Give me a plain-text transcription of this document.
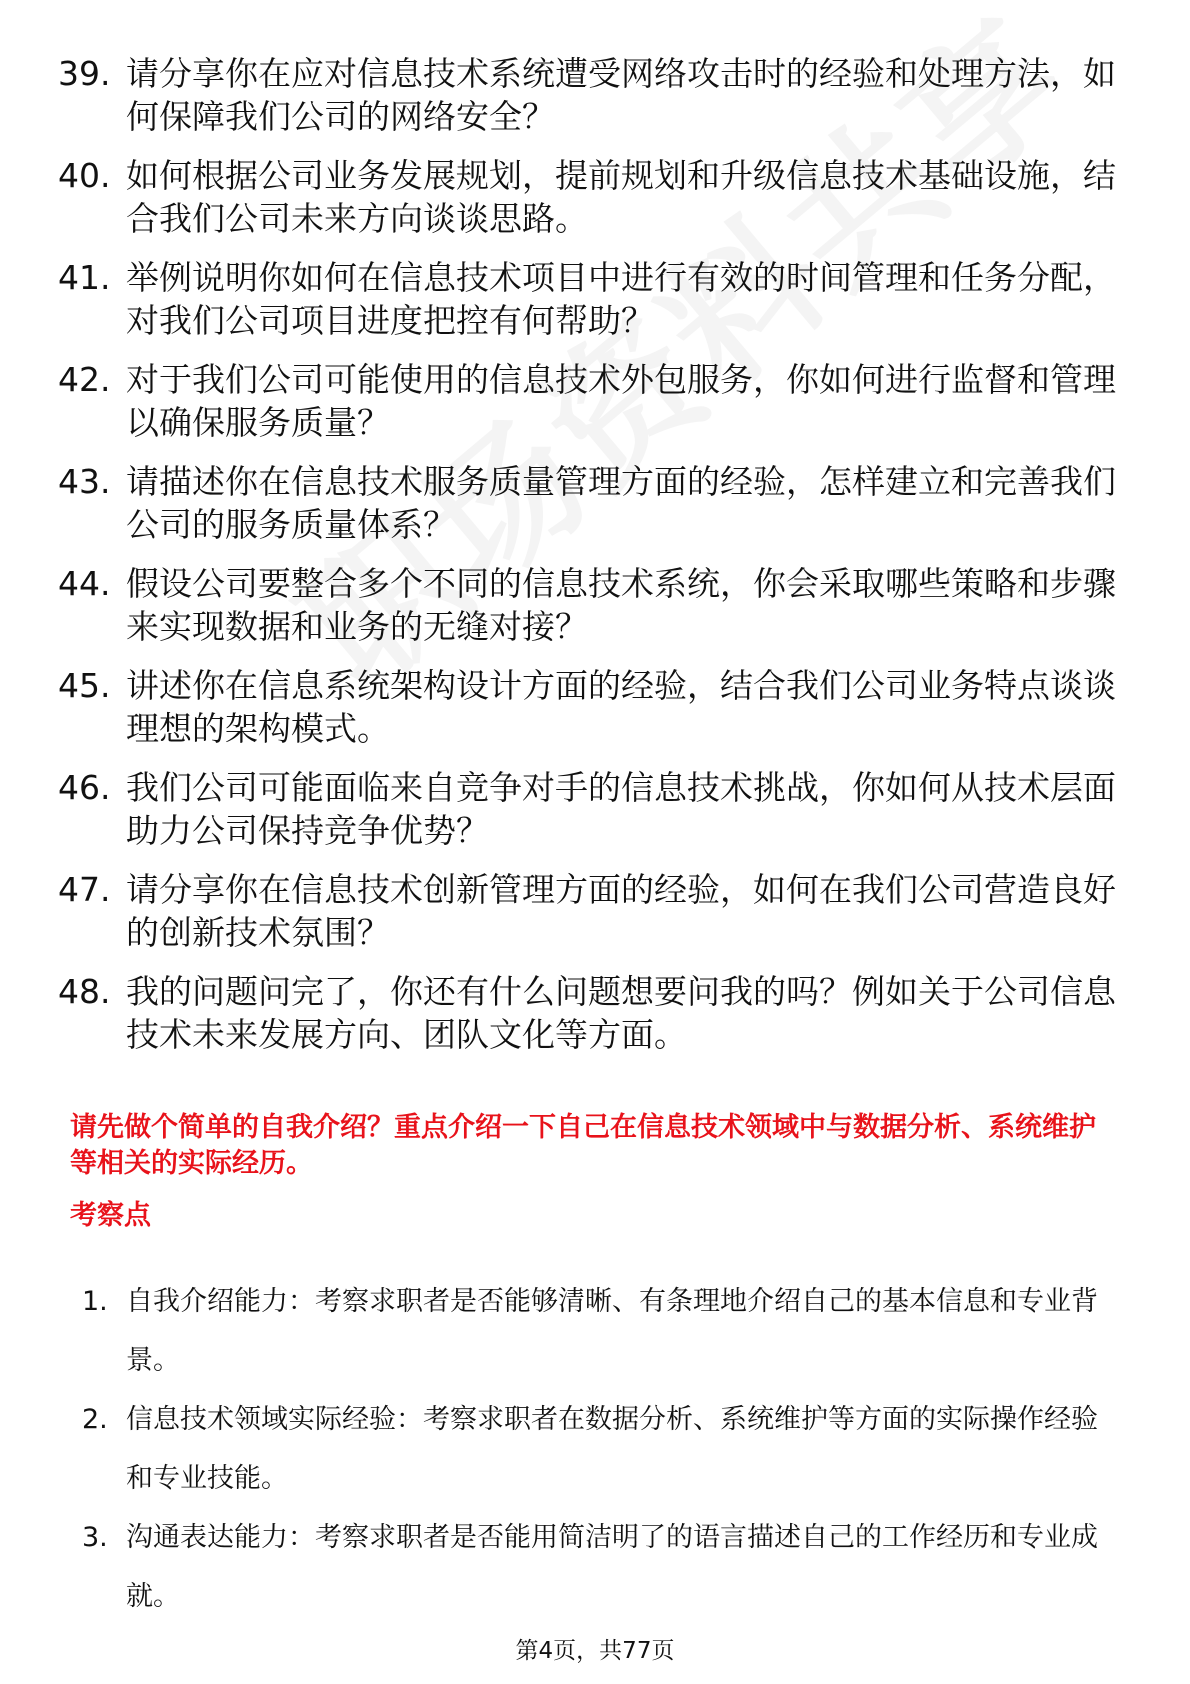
39. 请分享你在应对信息技术系统遭受网络攻击时的经验和处理方法，如何保障我们公司的网络安全？
40. 如何根据公司业务发展规划，提前规划和升级信息技术基础设施，结合我们公司未来方向谈谈思路。
41. 举例说明你如何在信息技术项目中进行有效的时间管理和任务分配，对我们公司项目进度把控有何帮助？
42. 对于我们公司可能使用的信息技术外包服务，你如何进行监督和管理以确保服务质量？
43. 请描述你在信息技术服务质量管理方面的经验，怎样建立和完善我们公司的服务质量体系？
44. 假设公司要整合多个不同的信息技术系统，你会采取哪些策略和步骤来实现数据和业务的无缝对接？
45. 讲述你在信息系统架构设计方面的经验，结合我们公司业务特点谈谈理想的架构模式。
46. 我们公司可能面临来自竞争对手的信息技术挑战，你如何从技术层面助力公司保持竞争优势？
47. 请分享你在信息技术创新管理方面的经验，如何在我们公司营造良好的创新技术氛围？
48. 我的问题问完了，你还有什么问题想要问我的吗？例如关于公司信息技术未来发展方向、团队文化等方面。

请先做个简单的自我介绍？重点介绍一下自己在信息技术领域中与数据分析、系统维护等相关的实际经历。

考察点
1. 自我介绍能力：考察求职者是否能够清晰、有条理地介绍自己的基本信息和专业背景。
2. 信息技术领域实际经验：考察求职者在数据分析、系统维护等方面的实际操作经验和专业技能。
3. 沟通表达能力：考察求职者是否能用简洁明了的语言描述自己的工作经历和专业成就。
第4页，共77页
